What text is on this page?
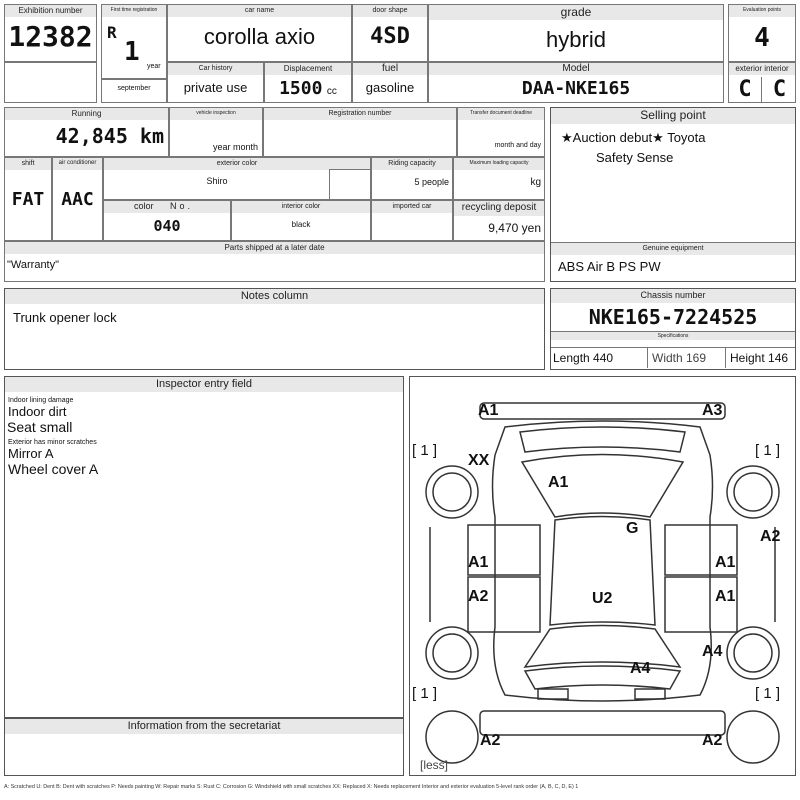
Exhibition number
12382
First time registration
R
1 year
september
car name
corolla axio
door shape
4SD
grade
hybrid
Evaluation points
4
Car history
private use
Displacement
1500 cc
fuel
gasoline
Model
DAA-NKE165
exterior interior
C C
Running
42,845 km
vehicle inspection
year month
Registration number	Transfer document deadline
month and day
shift
FAT
air conditioner
AAC
exterior color
Shiro
Riding capacity
5 people
Maximum loading capacity
kg
color No.
040
interior color
black
imported car	recycling deposit
9,470 yen
Parts shipped at a later date
"Warranty"
Selling point
★Auction debut★ Toyota
Safety Sense
Genuine equipment
ABS Air B PS PW
Notes column
Trunk opener lock
Chassis number
NKE165-7224525
Specifications
Length 440	Width 169	Height 146
Inspector entry field
Indoor lining damage
Indoor dirt
Seat small
Exterior has minor scratches
Mirror A
Wheel cover A
Information from the secretariat
A1	A3
XX
A1
G	A2
A1	A1
A2	U2	A1
A4
A4
A2	A2
[ 1 ]	[ 1 ]
[ 1 ]	[ 1 ]
[less]
A: Scratched U: Dent B: Dent with scratches P: Needs painting W: Repair marks S: Rust C: Corrosion G: Windshield with small scratches XX: Replaced X: Needs replacement Interior and exterior evaluation 5-level rank order (A, B, C, D, E) 1
